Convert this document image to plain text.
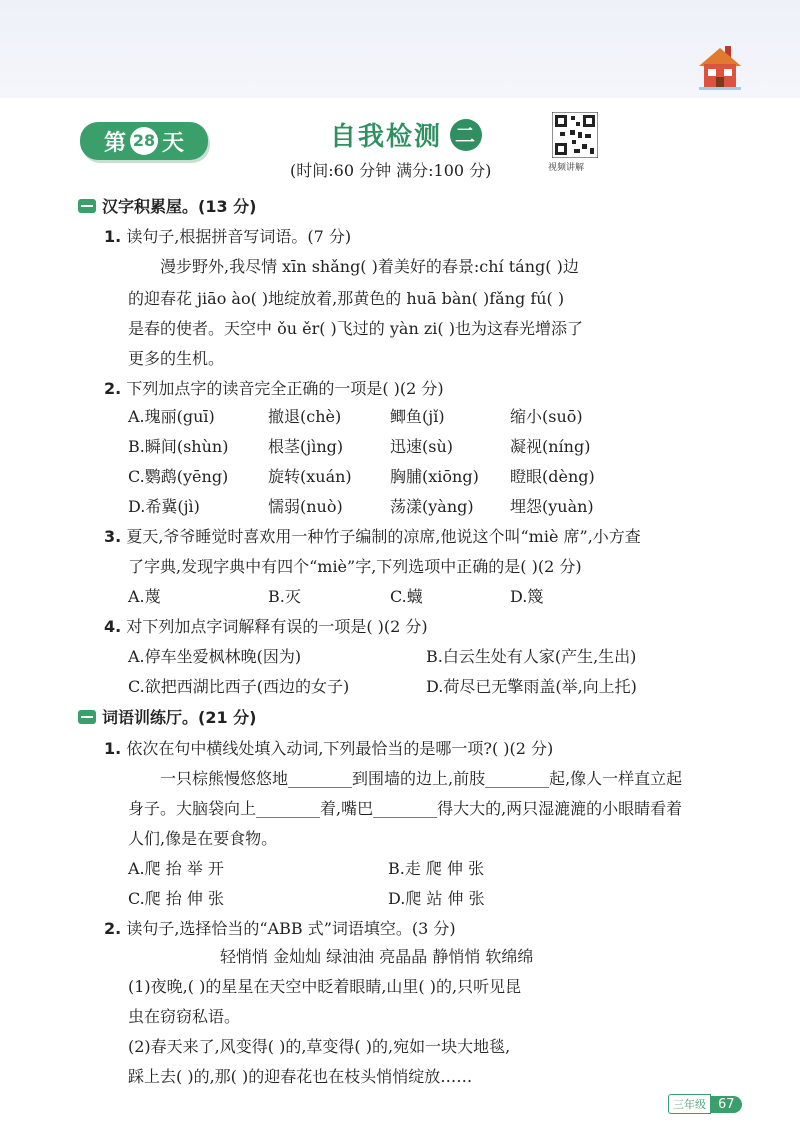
第 28 天	自我检测 二
视频讲解
(时间:60 分钟 满分:100 分)
汉字积累屋。(13 分)
1. 读句子,根据拼音写词语。(7 分)
漫步野外,我尽情 xīn shǎng( )着美好的春景:chí táng( )边
的迎春花 jiāo ào( )地绽放着,那黄色的 huā bàn( )fǎng fú( )
是春的使者。天空中 ǒu ěr( )飞过的 yàn zi( )也为这春光增添了
更多的生机。
2. 下列加点字的读音完全正确的一项是( )(2 分)
A.瑰丽(guī)	撤退(chè)	鲫鱼(jǐ)	缩小(suō)
B.瞬间(shùn) 根茎(jìng)	迅速(sù)	凝视(níng)
C.鹦鹉(yēng) 旋转(xuán) 胸脯(xiōng) 瞪眼(dèng)
D.希冀(jì)	懦弱(nuò)	荡漾(yàng) 埋怨(yuàn)
3. 夏天,爷爷睡觉时喜欢用一种竹子编制的凉席,他说这个叫“miè 席”,小方查
了字典,发现字典中有四个“miè”字,下列选项中正确的是( )(2 分)
A.蔑	B.灭	C.蠛	D.篾
4. 对下列加点字词解释有误的一项是( )(2 分)
A.停车坐爱枫林晚(因为)	B.白云生处有人家(产生,生出)
C.欲把西湖比西子(西边的女子)	D.荷尽已无擎雨盖(举,向上托)
词语训练厅。(21 分)
1. 依次在句中横线处填入动词,下列最恰当的是哪一项?( )(2 分)
一只棕熊慢悠悠地________到围墙的边上,前肢________起,像人一样直立起
身子。大脑袋向上________着,嘴巴________得大大的,两只湿漉漉的小眼睛看着
人们,像是在要食物。
A.爬 抬 举 开	B.走 爬 伸 张
C.爬 抬 伸 张	D.爬 站 伸 张
2. 读句子,选择恰当的“ABB 式”词语填空。(3 分)
轻悄悄 金灿灿 绿油油 亮晶晶 静悄悄 软绵绵
(1)夜晚,( )的星星在天空中眨着眼睛,山里( )的,只听见昆
虫在窃窃私语。
(2)春天来了,风变得( )的,草变得( )的,宛如一块大地毯,
踩上去( )的,那( )的迎春花也在枝头悄悄绽放……
三年级 67
